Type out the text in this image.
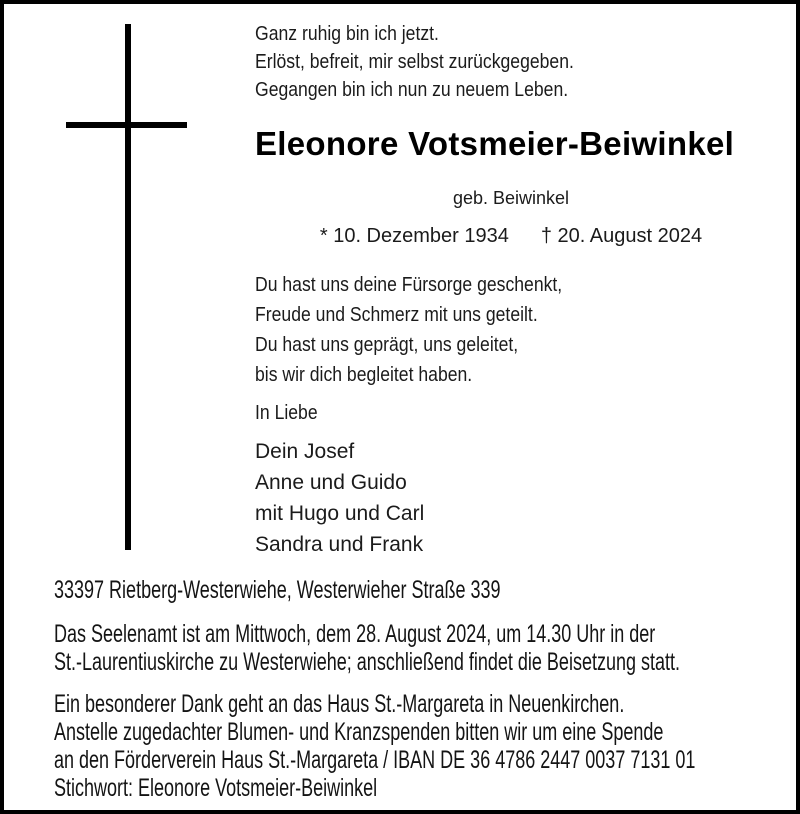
Ganz ruhig bin ich jetzt.
Erlöst, befreit, mir selbst zurückgegeben.
Gegangen bin ich nun zu neuem Leben.
Eleonore Votsmeier-Beiwinkel
geb. Beiwinkel
* 10. Dezember 1934 † 20. August 2024
Du hast uns deine Fürsorge geschenkt,
Freude und Schmerz mit uns geteilt.
Du hast uns geprägt, uns geleitet,
bis wir dich begleitet haben.
In Liebe
Dein Josef
Anne und Guido
mit Hugo und Carl
Sandra und Frank
33397 Rietberg-Westerwiehe, Westerwieher Straße 339
Das Seelenamt ist am Mittwoch, dem 28. August 2024, um 14.30 Uhr in der
St.-Laurentiuskirche zu Westerwiehe; anschließend findet die Beisetzung statt.
Ein besonderer Dank geht an das Haus St.-Margareta in Neuenkirchen.
Anstelle zugedachter Blumen- und Kranzspenden bitten wir um eine Spende
an den Förderverein Haus St.-Margareta / IBAN DE 36 4786 2447 0037 7131 01
Stichwort: Eleonore Votsmeier-Beiwinkel
